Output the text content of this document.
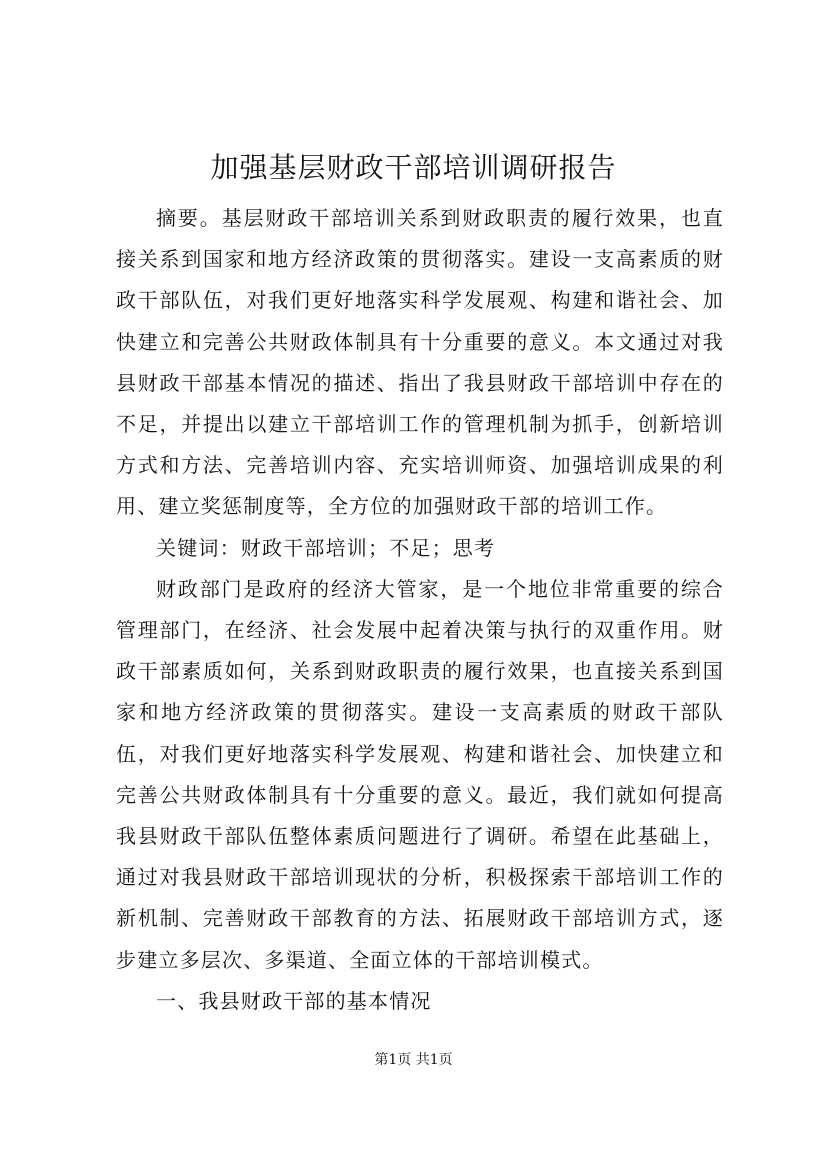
加强基层财政干部培训调研报告

摘要。基层财政干部培训关系到财政职责的履行效果，也直接关系到国家和地方经济政策的贯彻落实。建设一支高素质的财政干部队伍，对我们更好地落实科学发展观、构建和谐社会、加快建立和完善公共财政体制具有十分重要的意义。本文通过对我县财政干部基本情况的描述、指出了我县财政干部培训中存在的不足，并提出以建立干部培训工作的管理机制为抓手，创新培训方式和方法、完善培训内容、充实培训师资、加强培训成果的利用、建立奖惩制度等，全方位的加强财政干部的培训工作。

关键词：财政干部培训；不足；思考

财政部门是政府的经济大管家，是一个地位非常重要的综合管理部门，在经济、社会发展中起着决策与执行的双重作用。财政干部素质如何，关系到财政职责的履行效果，也直接关系到国家和地方经济政策的贯彻落实。建设一支高素质的财政干部队伍，对我们更好地落实科学发展观、构建和谐社会、加快建立和完善公共财政体制具有十分重要的意义。最近，我们就如何提高我县财政干部队伍整体素质问题进行了调研。希望在此基础上，通过对我县财政干部培训现状的分析，积极探索干部培训工作的新机制、完善财政干部教育的方法、拓展财政干部培训方式，逐步建立多层次、多渠道、全面立体的干部培训模式。

一、我县财政干部的基本情况

第1页 共1页
